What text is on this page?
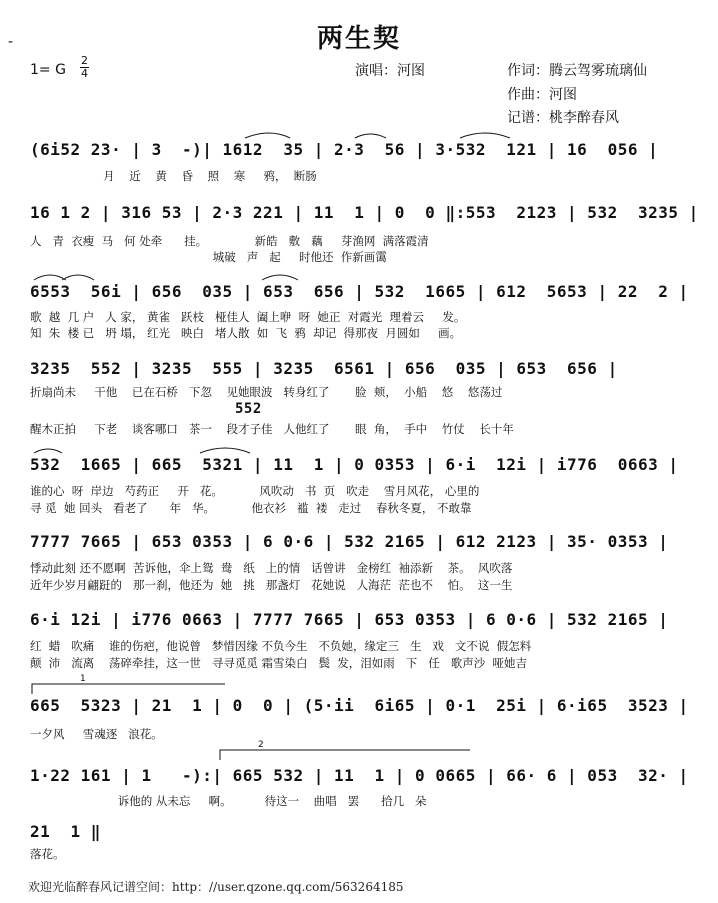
-	两生契
1= G
2
4	演唱：河图	作词：腾云驾雾琉璃仙
作曲：河图
记谱：桃李醉春风
(6i52 23· | 3  -)| 1612  35 | 2·3  56 | 3·532  121 | 16  056 |
月    近    黄    昏    照    寒     鸦，  断肠
16 1 2 | 316 53 | 2·3 221 | 11  1 | 0  0 ‖:553  2123 | 532  3235 |
人   青  衣瘦  马   何 处牵      挂。             新皓   敷   藕     芽渔网  满落霞清
城破   声   起     时他还  作新画霭
6553  56i | 656  035 | 653  656 | 532  1665 | 612  5653 | 22  2 |
歌  越  几 户   人 家， 黄雀   跃枝   桠佳人  阖上咿  呀  她正  对霞光  理着云     发。
知  朱  楼 已   坍 塌， 红光   映白   堵人散  如  飞  鸦  却记  得那夜  月圆如     画。
3235  552 | 3235  555 | 3235  6561 | 656  035 | 653  656 |
折扇尚未     干他    已在石桥   下忽    见她眼波   转身红了       脸  颊，  小船    悠    悠荡过
552
醒木正拍     下老    谈客哪口   茶一    段才子佳   人他红了       眼  角，  手中    竹仗    长十年
532  1665 | 665  5321 | 11  1 | 0 0353 | 6·i  12i | i776  0663 |
谁的心  呀  岸边   芍药正     开   花。          风吹动   书  页   吹走    雪月风花， 心里的
寻 觅  她 回头   看老了      年   华。          他衣衫   褴  褛   走过    春秋冬夏， 不敢靠
7777 7665 | 653 0353 | 6 0·6 | 532 2165 | 612 2123 | 35· 0353 |
悸动此刻 还不愿啊  苦诉他，伞上鸳  鸯   纸   上的情   话曾讲   金榜红  袖添新    茶。  风吹落
近年少岁月翩跹的   那一刹，他还为  她   挑   那盏灯   花她说   人海茫  茫也不    怕。  这一生
6·i 12i | i776 0663 | 7777 7665 | 653 0353 | 6 0·6 | 532 2165 |
红  蜡   吹痛    谁的伤疤，他说曾   梦惜因缘 不负今生   不负她，缘定三   生   戏   文不说  假怎料
颠  沛   流离    荡碎牵挂，这一世   寻寻觅觅 霜雪染白   鬓  发，泪如雨   下   任   歌声沙  哑她吉
665  5323 | 21  1 | 0  0 | (5·ii  6i65 | 0·1  25i | 6·i65  3523 |
一夕风     雪魂逐   浪花。
1·22 161 | 1   -):| 665 532 | 11  1 | 0 0665 | 66· 6 | 053  32· |
诉他的 从未忘     啊。         待这一    曲唱   罢      拾几   朵
21  1 ‖
落花。
1
2
欢迎光临醉春风记谱空间：http：//user.qzone.qq.com/563264185
